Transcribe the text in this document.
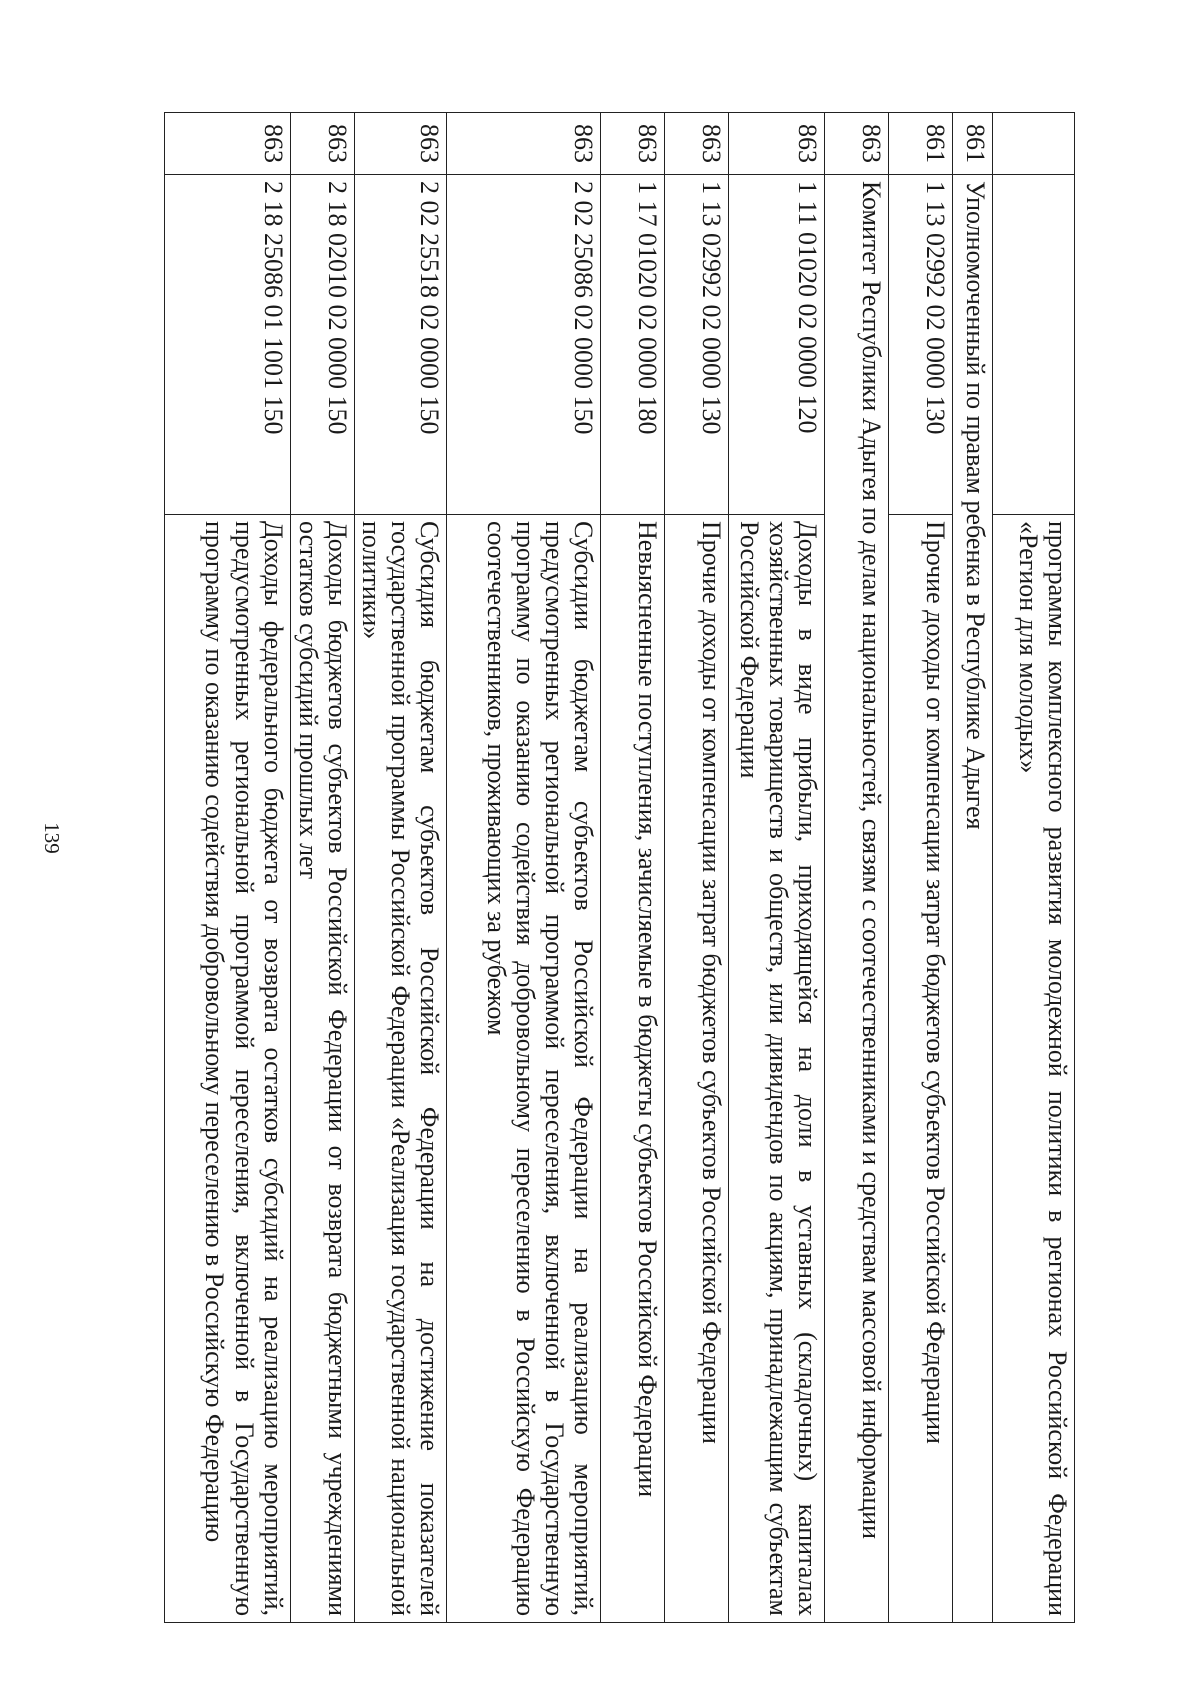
139
			программы комплексного развития молодежной политики в регионах Российской Федерации «Регион для молодых»
861	Уполномоченный по правам ребенка в Республике Адыгея	
861	1 13 02992 02 0000 130	Прочие доходы от компенсации затрат бюджетов субъектов Российской Федерации
863	Комитет Республики Адыгея по делам национальностей, связям с соотечественниками и средствам массовой информации	
863	1 11 01020 02 0000 120	Доходы в виде прибыли, приходящейся на доли в уставных (складочных) капиталах хозяйственных товариществ и обществ, или дивидендов по акциям, принадлежащим субъектам Российской Федерации
863	1 13 02992 02 0000 130	Прочие доходы от компенсации затрат бюджетов субъектов Российской Федерации
863	1 17 01020 02 0000 180	Невыясненные поступления, зачисляемые в бюджеты субъектов Российской Федерации
863	2 02 25086 02 0000 150	Субсидии бюджетам субъектов Российской Федерации на реализацию мероприятий, предусмотренных региональной программой переселения, включенной в Государственную программу по оказанию содействия добровольному переселению в Российскую Федерацию соотечественников, проживающих за рубежом
863	2 02 25518 02 0000 150	Субсидия бюджетам субъектов Российской Федерации на достижение показателей государственной программы Российской Федерации «Реализация государственной национальной политики»
863	2 18 02010 02 0000 150	Доходы бюджетов субъектов Российской Федерации от возврата бюджетными учреждениями остатков субсидий прошлых лет
863	2 18 25086 01 1001 150	Доходы федерального бюджета от возврата остатков субсидий на реализацию мероприятий, предусмотренных региональной программой переселения, включенной в Государственную программу по оказанию содействия добровольному переселению в Российскую Федерацию
